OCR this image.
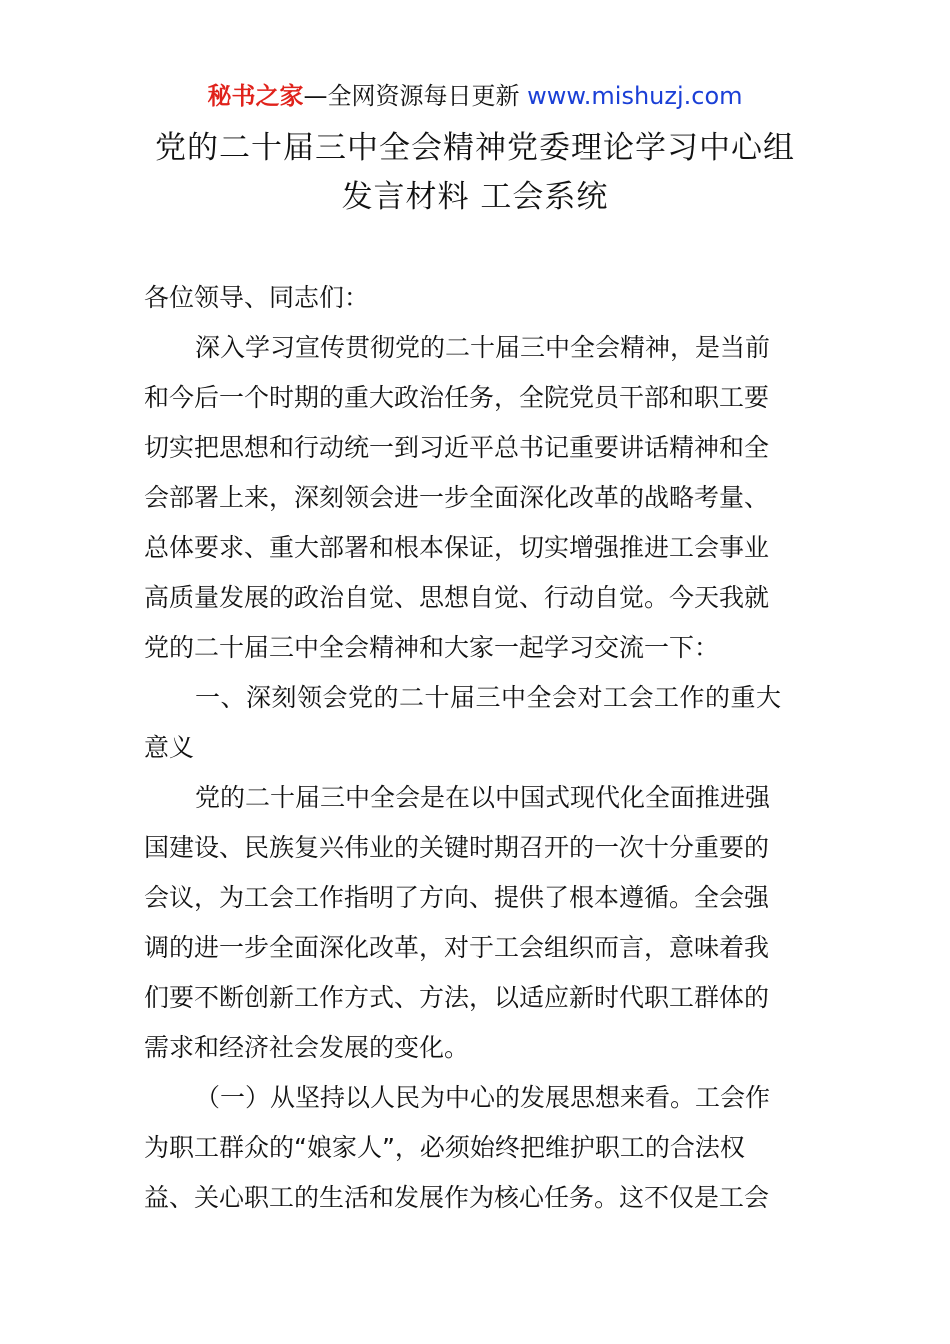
秘书之家—全网资源每日更新 www.mishuzj.com
党的二十届三中全会精神党委理论学习中心组
发言材料 工会系统
各位领导、同志们：
深入学习宣传贯彻党的二十届三中全会精神，是当前
和今后一个时期的重大政治任务，全院党员干部和职工要
切实把思想和行动统一到习近平总书记重要讲话精神和全
会部署上来，深刻领会进一步全面深化改革的战略考量、
总体要求、重大部署和根本保证，切实增强推进工会事业
高质量发展的政治自觉、思想自觉、行动自觉。今天我就
党的二十届三中全会精神和大家一起学习交流一下：
一、深刻领会党的二十届三中全会对工会工作的重大
意义
党的二十届三中全会是在以中国式现代化全面推进强
国建设、民族复兴伟业的关键时期召开的一次十分重要的
会议，为工会工作指明了方向、提供了根本遵循。全会强
调的进一步全面深化改革，对于工会组织而言，意味着我
们要不断创新工作方式、方法，以适应新时代职工群体的
需求和经济社会发展的变化。
（一）从坚持以人民为中心的发展思想来看。工会作
为职工群众的“娘家人”，必须始终把维护职工的合法权
益、关心职工的生活和发展作为核心任务。这不仅是工会
